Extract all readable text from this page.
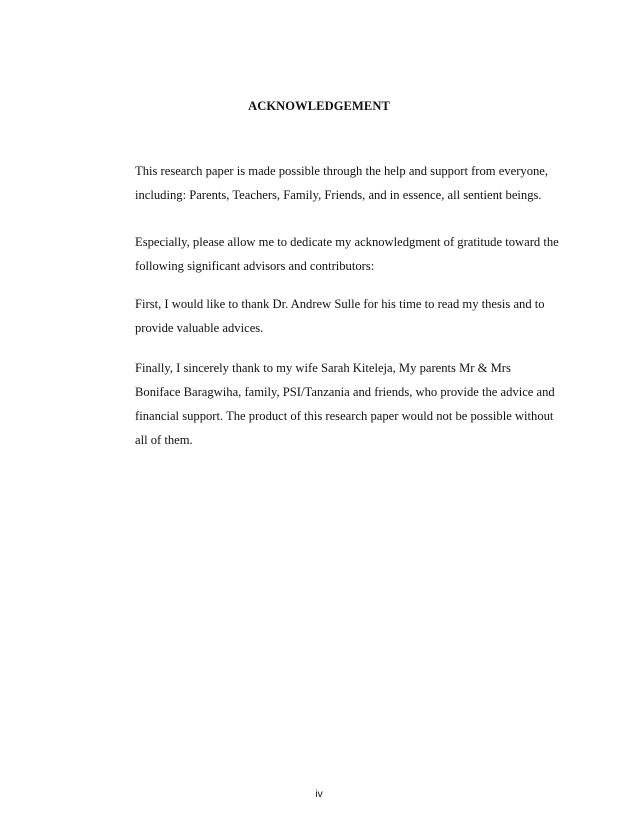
ACKNOWLEDGEMENT
This research paper is made possible through the help and support from everyone,
including: Parents, Teachers, Family, Friends, and in essence, all sentient beings.
Especially, please allow me to dedicate my acknowledgment of gratitude toward the
following significant advisors and contributors:
First, I would like to thank Dr. Andrew Sulle for his time to read my thesis and to
provide valuable advices.
Finally, I sincerely thank to my wife Sarah Kiteleja, My parents Mr & Mrs
Boniface Baragwiha, family, PSI/Tanzania and friends, who provide the advice and
financial support. The product of this research paper would not be possible without
all of them.
iv
